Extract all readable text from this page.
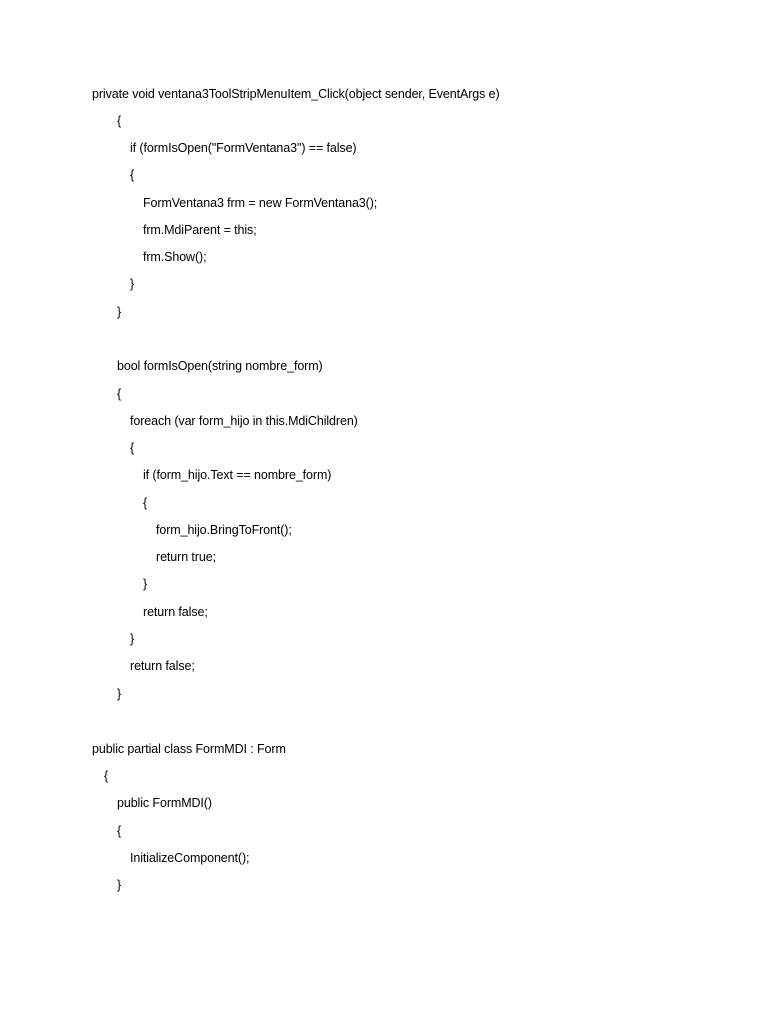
private void ventana3ToolStripMenuItem_Click(object sender, EventArgs e)

{

if (formIsOpen("FormVentana3") == false)

{

FormVentana3 frm = new FormVentana3();

frm.MdiParent = this;

frm.Show();

}

}

bool formIsOpen(string nombre_form)

{

foreach (var form_hijo in this.MdiChildren)

{

if (form_hijo.Text == nombre_form)

{

form_hijo.BringToFront();

return true;

}

return false;

}

return false;

}

public partial class FormMDI : Form

{

public FormMDI()

{

InitializeComponent();

}
